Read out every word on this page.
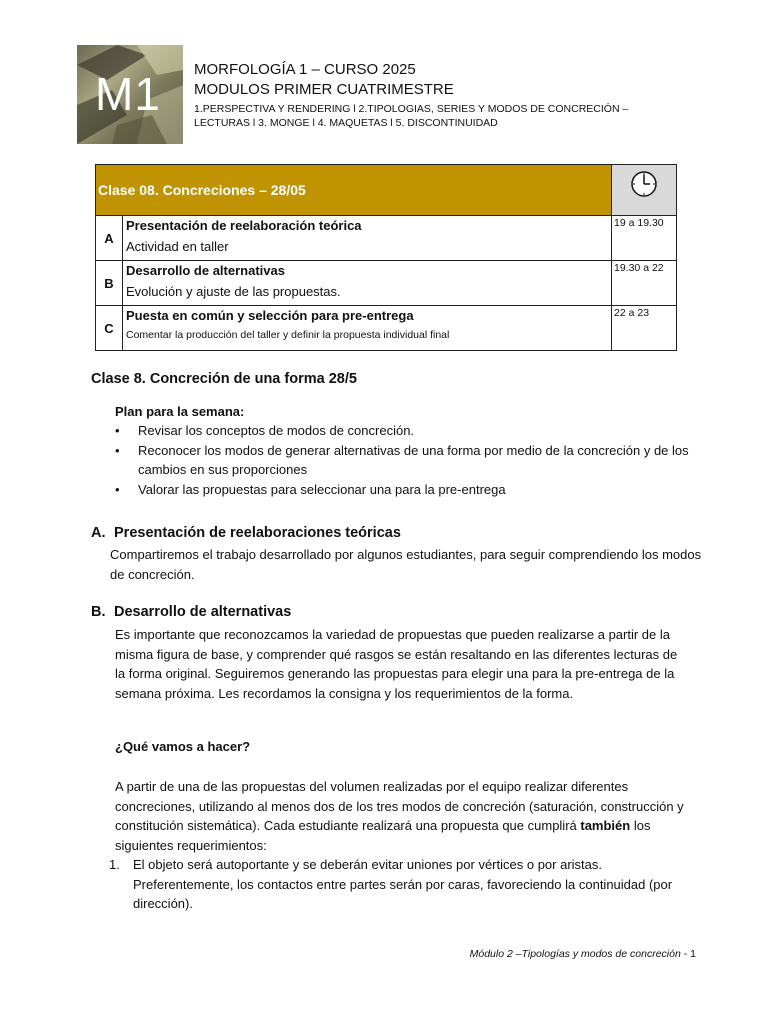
M1 MORFOLOGÍA 1 – CURSO 2025
MODULOS PRIMER CUATRIMESTRE
1.PERSPECTIVA Y RENDERING l 2.TIPOLOGIAS, SERIES Y MODOS DE CONCRECIÓN – LECTURAS l 3. MONGE l 4. MAQUETAS l 5. DISCONTINUIDAD
Clase 08. Concreciones – 28/05	
A	Presentación de reelaboración teórica
Actividad en taller	19 a 19.30
B	Desarrollo de alternativas
Evolución y ajuste de las propuestas.	19.30 a 22
C	Puesta en común y selección para pre-entrega
Comentar la producción del taller y definir la propuesta individual final	22 a 23
Clase 8. Concreción de una forma 28/5
Plan para la semana:
• Revisar los conceptos de modos de concreción.
• Reconocer los modos de generar alternativas de una forma por medio de la concreción y de los cambios en sus proporciones
• Valorar las propuestas para seleccionar una para la pre-entrega
A. Presentación de reelaboraciones teóricas
Compartiremos el trabajo desarrollado por algunos estudiantes, para seguir comprendiendo los modos de concreción.
B. Desarrollo de alternativas
Es importante que reconozcamos la variedad de propuestas que pueden realizarse a partir de la misma figura de base, y comprender qué rasgos se están resaltando en las diferentes lecturas de la forma original. Seguiremos generando las propuestas para elegir una para la pre-entrega de la semana próxima. Les recordamos la consigna y los requerimientos de la forma.
¿Qué vamos a hacer?
A partir de una de las propuestas del volumen realizadas por el equipo realizar diferentes concreciones, utilizando al menos dos de los tres modos de concreción (saturación, construcción y constitución sistemática). Cada estudiante realizará una propuesta que cumplirá también los siguientes requerimientos:
1. El objeto será autoportante y se deberán evitar uniones por vértices o por aristas. Preferentemente, los contactos entre partes serán por caras, favoreciendo la continuidad (por dirección).
Módulo 2 –Tipologías y modos de concreción - 1
